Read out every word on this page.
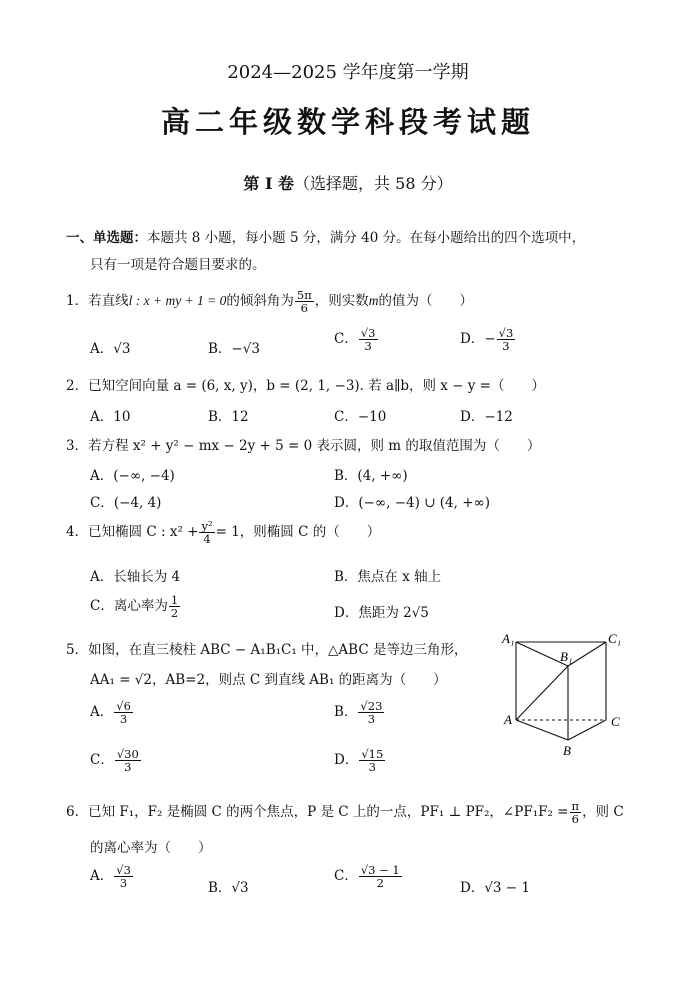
2024—2025 学年度第一学期
高二年级数学科段考试题
第 I 卷（选择题，共 58 分）
一、单选题：本题共 8 小题，每小题 5 分，满分 40 分。在每小题给出的四个选项中，
只有一项是符合题目要求的。
1．若直线l : x + my + 1 = 0的倾斜角为 $\frac{5\pi}{6}$ ，则实数m的值为（　　）
A．√3	B．−√3
C． $\frac{√3}{3}$	D．− $\frac{√3}{3}$
2．已知空间向量 a = (6, x, y)，b = (2, 1, −3). 若 a∥b，则 x − y =（　　）
A．10	B．12	C．−10	D．−12
3．若方程 x² + y² − mx − 2y + 5 = 0 表示圆，则 m 的取值范围为（　　）
A．(−∞, −4)	B．(4, +∞)
C．(−4, 4)	D．(−∞, −4) ∪ (4, +∞)
4．已知椭圆 C : $x^2 + \frac{\text{y²}}{4} = 1$，则椭圆 C 的（　　）
A．长轴长为 4	B．焦点在 x 轴上
C．离心率为 $\frac{1}{2}$	D．焦距为 2√5
5．如图，在直三棱柱 ABC − A₁B₁C₁ 中，△ABC 是等边三角形，
AA₁ = √2，AB=2，则点 C 到直线 AB₁ 的距离为（　　）
A． $\frac{√6}{3}$	B． $\frac{√23}{3}$
C． $\frac{√30}{3}$	D． $\frac{√15}{3}$
A₁
B₁
C₁
A
B
C
6．已知 F₁，F₂ 是椭圆 C 的两个焦点，P 是 C 上的一点，PF₁ ⊥ PF₂，∠PF₁F₂ = $\frac{\pi}{6}$ ，则 C
的离心率为（　　）
A． $\frac{√3}{3}$	B．√3
C． $\frac{√3 - 1}{2}$	D．√3 − 1
